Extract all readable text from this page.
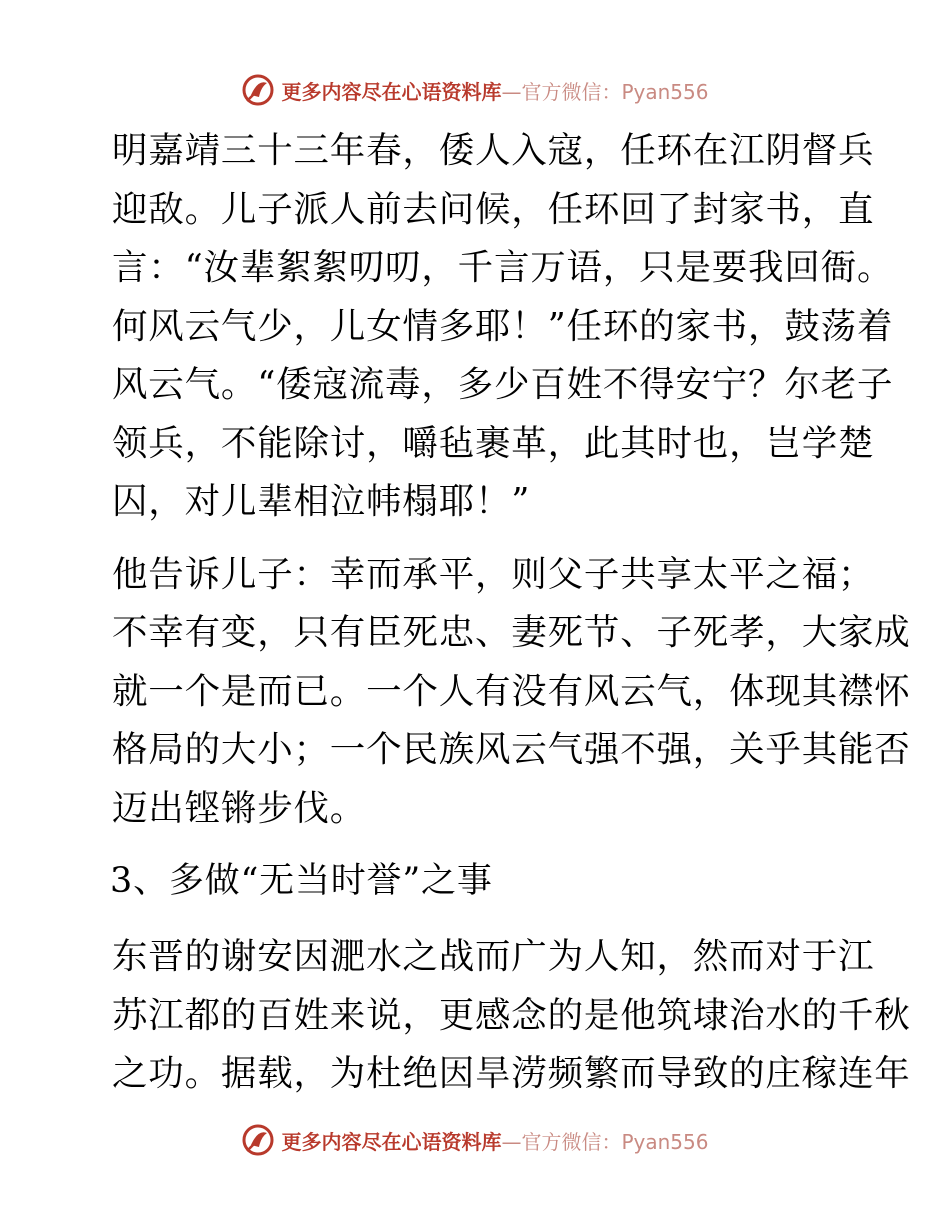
更多内容尽在心语资料库—官方微信：Pyan556
明嘉靖三十三年春，倭人入寇，任环在江阴督兵
迎敌。儿子派人前去问候，任环回了封家书，直
言：“汝辈絮絮叨叨，千言万语，只是要我回衙。
何风云气少，儿女情多耶！”任环的家书，鼓荡着
风云气。“倭寇流毒，多少百姓不得安宁？尔老子
领兵，不能除讨，嚼毡裹革，此其时也，岂学楚
囚，对儿辈相泣帏榻耶！”
他告诉儿子：幸而承平，则父子共享太平之福；
不幸有变，只有臣死忠、妻死节、子死孝，大家成
就一个是而已。一个人有没有风云气，体现其襟怀
格局的大小；一个民族风云气强不强，关乎其能否
迈出铿锵步伐。
3、多做“无当时誉”之事
东晋的谢安因淝水之战而广为人知，然而对于江
苏江都的百姓来说，更感念的是他筑埭治水的千秋
之功。据载，为杜绝因旱涝频繁而导致的庄稼连年
更多内容尽在心语资料库—官方微信：Pyan556
